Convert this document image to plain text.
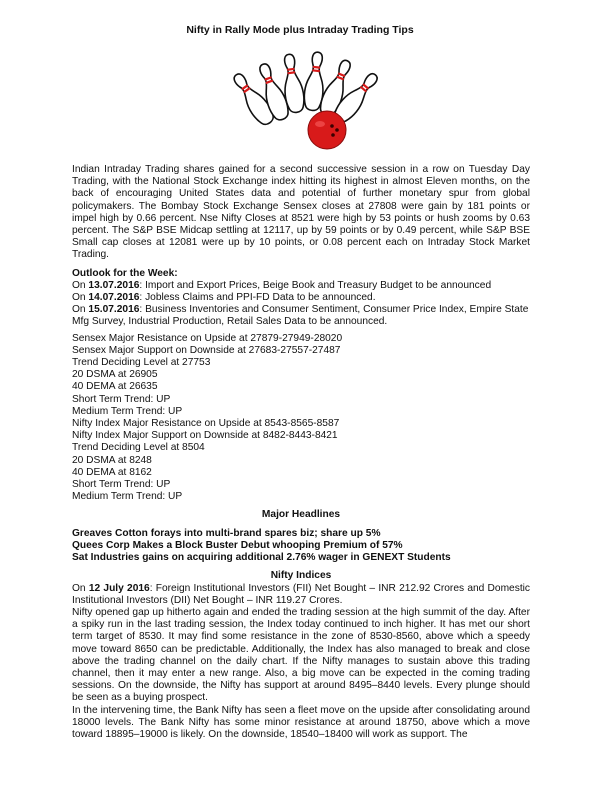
Nifty in Rally Mode plus Intraday Trading Tips

Indian Intraday Trading shares gained for a second successive session in a row on Tuesday Day Trading, with the National Stock Exchange index hitting its highest in almost Eleven months, on the back of encouraging United States data and potential of further monetary spur from global policymakers. The Bombay Stock Exchange Sensex closes at 27808 were gain by 181 points or impel high by 0.66 percent. Nse Nifty Closes at 8521 were high by 53 points or hush zooms by 0.63 percent. The S&P BSE Midcap settling at 12117, up by 59 points or by 0.49 percent, while S&P BSE Small cap closes at 12081 were up by 10 points, or 0.08 percent each on Intraday Stock Market Trading.

Outlook for the Week:
On 13.07.2016: Import and Export Prices, Beige Book and Treasury Budget to be announced
On 14.07.2016: Jobless Claims and PPI-FD Data to be announced.
On 15.07.2016: Business Inventories and Consumer Sentiment, Consumer Price Index, Empire State Mfg Survey, Industrial Production, Retail Sales Data to be announced.
Sensex Major Resistance on Upside at 27879-27949-28020
Sensex Major Support on Downside at 27683-27557-27487
Trend Deciding Level at 27753
20 DSMA at 26905
40 DEMA at 26635
Short Term Trend: UP
Medium Term Trend: UP
Nifty Index Major Resistance on Upside at 8543-8565-8587
Nifty Index Major Support on Downside at 8482-8443-8421
Trend Deciding Level at 8504
20 DSMA at 8248
40 DEMA at 8162
Short Term Trend: UP
Medium Term Trend: UP
Major Headlines
Greaves Cotton forays into multi-brand spares biz; share up 5%
Quees Corp Makes a Block Buster Debut whooping Premium of 57%
Sat Industries gains on acquiring additional 2.76% wager in GENEXT Students
Nifty Indices

On 12 July 2016: Foreign Institutional Investors (FII) Net Bought – INR 212.92 Crores and Domestic Institutional Investors (DII) Net Bought – INR 119.27 Crores.

Nifty opened gap up hitherto again and ended the trading session at the high summit of the day. After a spiky run in the last trading session, the Index today continued to inch higher. It has met our short term target of 8530. It may find some resistance in the zone of 8530-8560, above which a speedy move toward 8650 can be predictable. Additionally, the Index has also managed to break and close above the trading channel on the daily chart. If the Nifty manages to sustain above this trading channel, then it may enter a new range. Also, a big move can be expected in the coming trading sessions. On the downside, the Nifty has support at around 8495–8440 levels. Every plunge should be seen as a buying prospect.

In the intervening time, the Bank Nifty has seen a fleet move on the upside after consolidating around 18000 levels. The Bank Nifty has some minor resistance at around 18750, above which a move toward 18895–19000 is likely. On the downside, 18540–18400 will work as support. The
